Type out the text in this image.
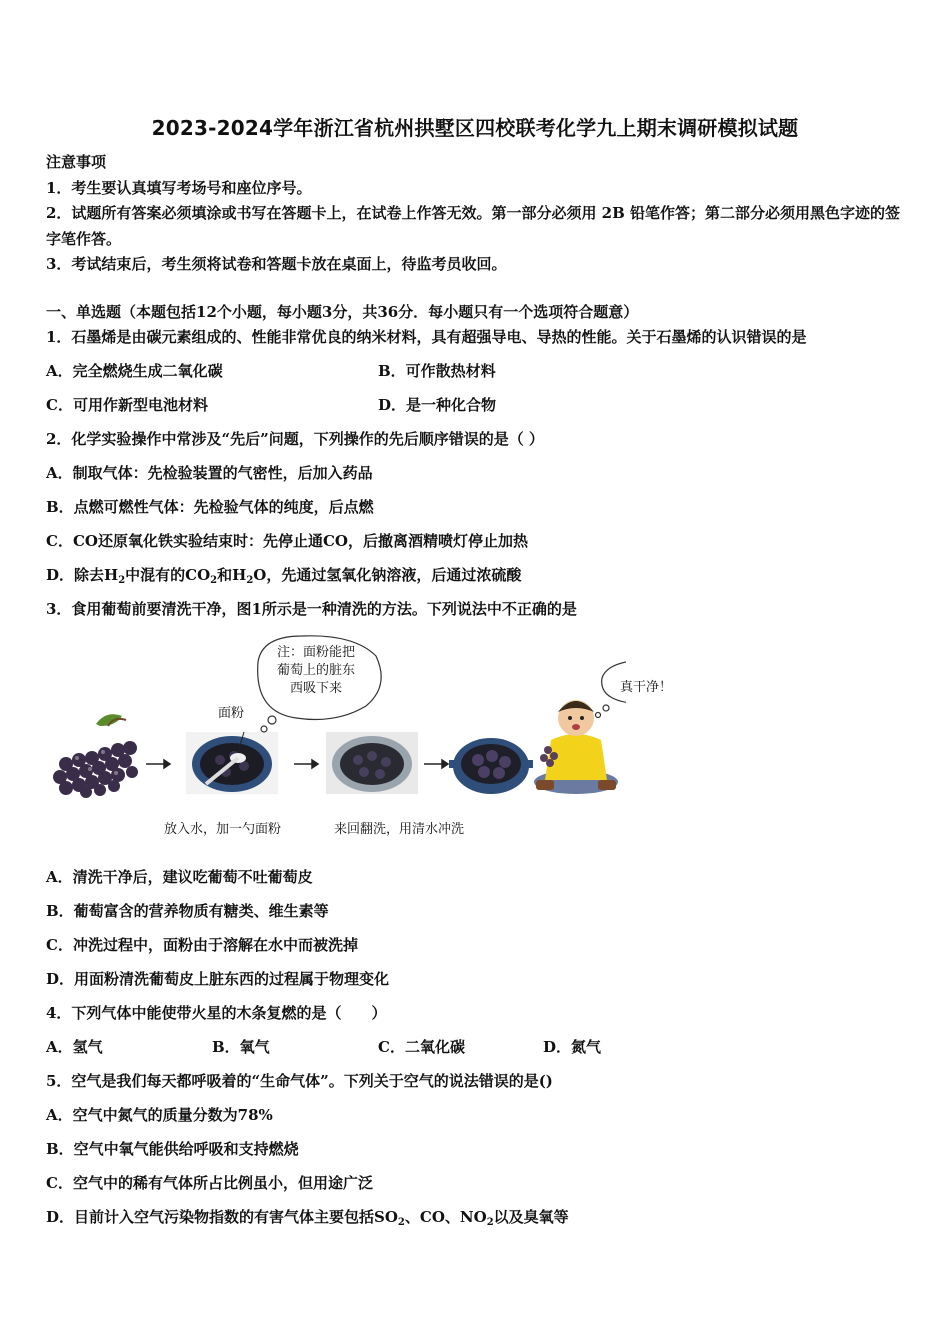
2023-2024学年浙江省杭州拱墅区四校联考化学九上期末调研模拟试题
注意事项
1．考生要认真填写考场号和座位序号。
2．试题所有答案必须填涂或书写在答题卡上，在试卷上作答无效。第一部分必须用 2B 铅笔作答；第二部分必须用黑色字迹的签字笔作答。
3．考试结束后，考生须将试卷和答题卡放在桌面上，待监考员收回。
一、单选题（本题包括12个小题，每小题3分，共36分．每小题只有一个选项符合题意）
1．石墨烯是由碳元素组成的、性能非常优良的纳米材料，具有超强导电、导热的性能。关于石墨烯的认识错误的是
A．完全燃烧生成二氧化碳	B．可作散热材料
C．可用作新型电池材料	D．是一种化合物
2．化学实验操作中常涉及“先后”问题，下列操作的先后顺序错误的是（ ）
A．制取气体：先检验装置的气密性，后加入药品
B．点燃可燃性气体：先检验气体的纯度，后点燃
C．CO还原氧化铁实验结束时：先停止通CO，后撤离酒精喷灯停止加热
D．除去$H_2$中混有的$CO_2$和$H_2O$，先通过氢氧化钠溶液，后通过浓硫酸
3．食用葡萄前要清洗干净，图1所示是一种清洗的方法。下列说法中不正确的是
注：面粉能把
葡萄上的脏东
西吸下来
面粉
真干净！
放入水，加一勺面粉	来回翻洗，用清水冲洗
A．清洗干净后，建议吃葡萄不吐葡萄皮
B．葡萄富含的营养物质有糖类、维生素等
C．冲洗过程中，面粉由于溶解在水中而被洗掉
D．用面粉清洗葡萄皮上脏东西的过程属于物理变化
4．下列气体中能使带火星的木条复燃的是（　　）
A．氢气	B．氧气	C．二氧化碳	D．氮气
5．空气是我们每天都呼吸着的“生命气体”。下列关于空气的说法错误的是()
A．空气中氮气的质量分数为78%
B．空气中氧气能供给呼吸和支持燃烧
C．空气中的稀有气体所占比例虽小，但用途广泛
D．目前计入空气污染物指数的有害气体主要包括$SO_2$、CO、$NO_2$以及臭氧等
